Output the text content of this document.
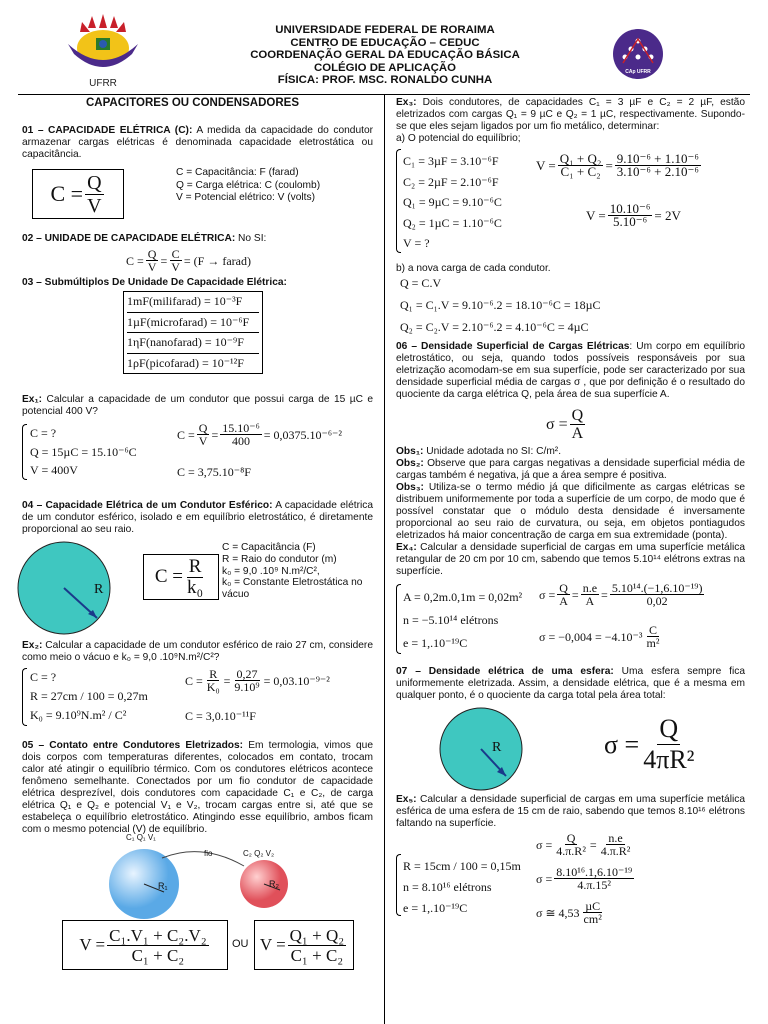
UFRR
CAp UFRR
UNIVERSIDADE FEDERAL DE RORAIMA
CENTRO DE EDUCAÇÃO – CEDUC
COORDENAÇÃO GERAL DA EDUCAÇÃO BÁSICA
COLÉGIO DE APLICAÇÃO
FÍSICA: PROF. MSC. RONALDO CUNHA
CAPACITORES OU CONDENSADORES

01 – CAPACIDADE ELÉTRICA (C): A medida da capacidade do condutor armazenar cargas elétricas é denominada capacidade eletrostática ou capacitância.

$C = \frac{Q}{V}$	C = Capacitância: F (farad)
Q = Carga elétrica: C (coulomb)
V = Potencial elétrico: V (volts)

02 – UNIDADE DE CAPACIDADE ELÉTRICA: No SI:

$C = \frac{Q}{V} = \frac{C}{V} = (F$ → farad)
03 – Submúltiplos De Unidade De Capacidade Elétrica:
1mF(milifarad) = 10⁻³F
1µF(microfarad) = 10⁻⁶F
1ηF(nanofarad) = 10⁻⁹F
1ρF(picofarad) = 10⁻¹²F

Ex₁: Calcular a capacidade de um condutor que possui carga de 15 µC e potencial 400 V?

C = ?
Q = 15µC = 15.10⁻⁶C
V = 400V
$C = \frac{Q}{V} = \frac{\text{15.10⁻⁶}}{400} = 0,0375.10^{-6-2}$
C = 3,75.10⁻⁸F

04 – Capacidade Elétrica de um Condutor Esférico: A capacidade elétrica de um condutor esférico, isolado e em equilíbrio eletrostático, é diretamente proporcional ao seu raio.

R
$C = \frac{R}{\text{k₀}}$
C = Capacitância (F)
R = Raio do condutor (m)
k₀ = 9,0 .10⁹ N.m²/C²,
k₀ = Constante Eletrostática no vácuo

Ex₂: Calcular a capacidade de um condutor esférico de raio 27 cm, considere como meio o vácuo e k₀ = 9,0 .10⁹N.m²/C²?

C = ?
R = 27cm / 100 = 0,27m
K₀ = 9.10⁹N.m² / C²
$C = \frac{R}{\text{K₀}} = \frac{0,27}{\text{9.10⁹}} = 0,03.10^{-9-2}$
C = 3,0.10⁻¹¹F

05 – Contato entre Condutores Eletrizados: Em termologia, vimos que dois corpos com temperaturas diferentes, colocados em contato, trocam calor até atingir o equilíbrio térmico. Com os condutores elétricos acontece fenômeno semelhante. Conectados por um fio condutor de capacidade elétrica desprezível, dois condutores com capacidade C₁ e C₂, de carga elétrica Q₁ e Q₂ e potencial V₁ e V₂, trocam cargas entre si, até que se estabeleça o equilíbrio eletrostático. Atingindo esse equilíbrio, ambos ficam com o mesmo potencial (V) de equilíbrio.

C₁ Q₁ V₁
C₂ Q₂ V₂
fio
R₁	R₂
$V = \frac{\text{C₁.V₁ + C₂.V₂}}{\text{C₁ + C₂}}$ OU $V = \frac{\text{Q₁ + Q₂}}{\text{C₁ + C₂}}$

Ex₃: Dois condutores, de capacidades C₁ = 3 µF e C₂ = 2 µF, estão eletrizados com cargas Q₁ = 9 µC e Q₂ = 1 µC, respectivamente. Supondo-se que eles sejam ligados por um fio metálico, determinar:

a) O potencial do equilíbrio;
C₁ = 3µF = 3.10⁻⁶F
C₂ = 2µF = 2.10⁻⁶F
Q₁ = 9µC = 9.10⁻⁶C
Q₂ = 1µC = 1.10⁻⁶C
V = ?
$V = \frac{\text{Q₁ + Q₂}}{\text{C₁ + C₂}} = \frac{\text{9.10⁻⁶ + 1.10⁻⁶}}{\text{3.10⁻⁶ + 2.10⁻⁶}}$
$V = \frac{\text{10.10⁻⁶}}{\text{5.10⁻⁶}} = 2V$
b) a nova carga de cada condutor.
Q = C.V
Q₁ = C₁.V = 9.10⁻⁶.2 = 18.10⁻⁶C = 18µC
Q₂ = C₂.V = 2.10⁻⁶.2 = 4.10⁻⁶C = 4µC

06 – Densidade Superficial de Cargas Elétricas: Um corpo em equilíbrio eletrostático, ou seja, quando todos possíveis responsáveis por sua eletrização acomodam-se em sua superfície, pode ser caracterizado por sua densidade superficial média de cargas σ , que por definição é o resultado do quociente da carga elétrica Q, pela área de sua superfície A.

$\sigma = \frac{Q}{A}$

Obs₁: Unidade adotada no SI: C/m².

Obs₂: Observe que para cargas negativas a densidade superficial média de cargas também é negativa, já que a área sempre é positiva.

Obs₃: Utiliza-se o termo médio já que dificilmente as cargas elétricas se distribuem uniformemente por toda a superfície de um corpo, de modo que é possível constatar que o módulo desta densidade é inversamente proporcional ao seu raio de curvatura, ou seja, em objetos pontiagudos eletrizados há maior concentração de carga em sua extremidade (ponta).

Ex₄: Calcular a densidade superficial de cargas em uma superfície metálica retangular de 20 cm por 10 cm, sabendo que temos 5.10¹⁴ elétrons extras na superfície.

A = 0,2m.0,1m = 0,02m²
n = −5.10¹⁴ elétrons
e = 1,.10⁻¹⁹C
$\sigma = \frac{Q}{A} = \frac{n.e}{A} = \frac{\text{5.10¹⁴.(−1,6.10⁻¹⁹)}}{0,02}$
$\sigma = -0,004 = -4.10^{-3} \frac{C}{\text{m²}}$

07 – Densidade elétrica de uma esfera: Uma esfera sempre fica uniformemente eletrizada. Assim, a densidade elétrica, que é a mesma em qualquer ponto, é o quociente da carga total pela área total:

R	$\sigma = \frac{Q}{\text{4πR²}}$

Ex₅: Calcular a densidade superficial de cargas em uma superfície metálica esférica de uma esfera de 15 cm de raio, sabendo que temos 8.10¹⁶ elétrons faltando na superfície.

R = 15cm / 100 = 0,15m
n = 8.10¹⁶ elétrons
e = 1,.10⁻¹⁹C
$\sigma = \frac{Q}{\text{4.π.R²}} = \frac{n.e}{\text{4.π.R²}}$
$\sigma = \frac{\text{8.10¹⁶.1,6.10⁻¹⁹}}{\text{4.π.15²}}$
σ ≅ $4,53 \frac{\text{µC}}{\text{cm²}}$
